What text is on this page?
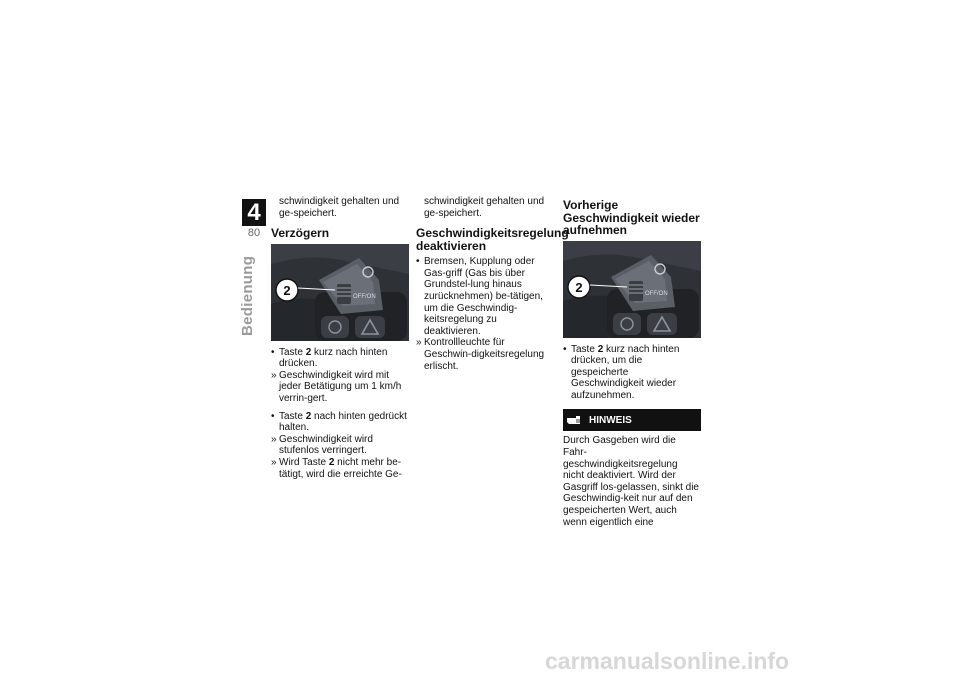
4
80
Bedienung

schwindigkeit gehalten und ge-speichert.

Verzögern
OFF/ON
2

• Taste 2 kurz nach hinten drücken.

» Geschwindigkeit wird mit jeder Betätigung um 1 km/h verrin-gert.

• Taste 2 nach hinten gedrückt halten.

» Geschwindigkeit wird stufenlos verringert.

» Wird Taste 2 nicht mehr be-tätigt, wird die erreichte Ge-

schwindigkeit gehalten und ge-speichert.

Geschwindigkeitsregelung deaktivieren

• Bremsen, Kupplung oder Gas-griff (Gas bis über Grundstel-lung hinaus zurücknehmen) be-tätigen, um die Geschwindig-keitsregelung zu deaktivieren.

» Kontrollleuchte für Geschwin-digkeitsregelung erlischt.

Vorherige Geschwindigkeit wieder aufnehmen
OFF/ON
2

• Taste 2 kurz nach hinten drücken, um die gespeicherte Geschwindigkeit wieder aufzunehmen.

HINWEIS

Durch Gasgeben wird die Fahr-geschwindigkeitsregelung nicht deaktiviert. Wird der Gasgriff los-gelassen, sinkt die Geschwindig-keit nur auf den gespeicherten Wert, auch wenn eigentlich eine

carmanualsonline.info
